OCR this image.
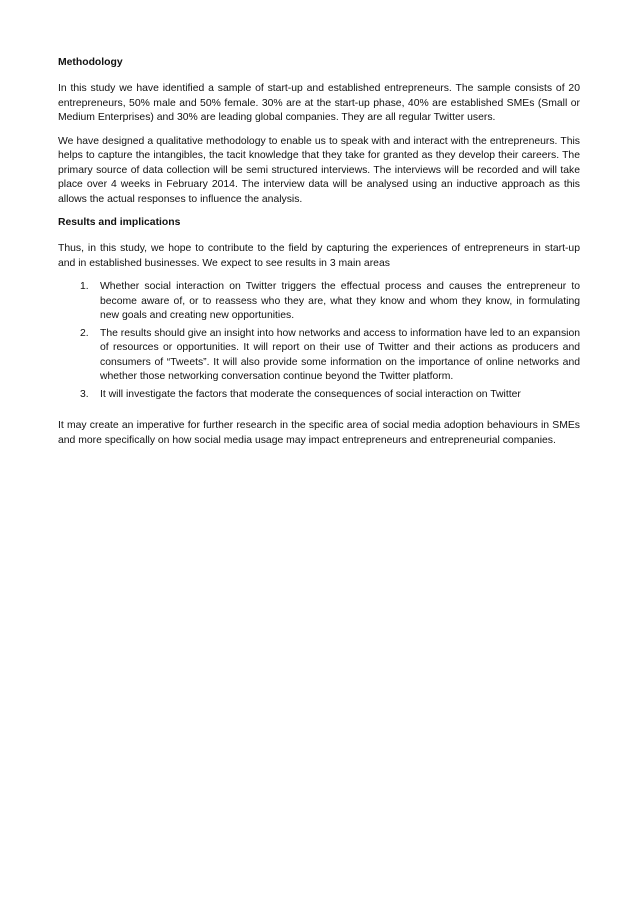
Methodology

In this study we have identified a sample of start-up and established entrepreneurs. The sample consists of 20 entrepreneurs, 50% male and 50% female. 30% are at the start-up phase, 40% are established SMEs (Small or Medium Enterprises) and 30% are leading global companies. They are all regular Twitter users.

We have designed a qualitative methodology to enable us to speak with and interact with the entrepreneurs. This helps to capture the intangibles, the tacit knowledge that they take for granted as they develop their careers. The primary source of data collection will be semi structured interviews. The interviews will be recorded and will take place over 4 weeks in February 2014. The interview data will be analysed using an inductive approach as this allows the actual responses to influence the analysis.

Results and implications

Thus, in this study, we hope to contribute to the field by capturing the experiences of entrepreneurs in start-up and in established businesses. We expect to see results in 3 main areas

1. Whether social interaction on Twitter triggers the effectual process and causes the entrepreneur to become aware of, or to reassess who they are, what they know and whom they know, in formulating new goals and creating new opportunities.
2. The results should give an insight into how networks and access to information have led to an expansion of resources or opportunities. It will report on their use of Twitter and their actions as producers and consumers of “Tweets”. It will also provide some information on the importance of online networks and whether those networking conversation continue beyond the Twitter platform.
3. It will investigate the factors that moderate the consequences of social interaction on Twitter

It may create an imperative for further research in the specific area of social media adoption behaviours in SMEs and more specifically on how social media usage may impact entrepreneurs and entrepreneurial companies.
